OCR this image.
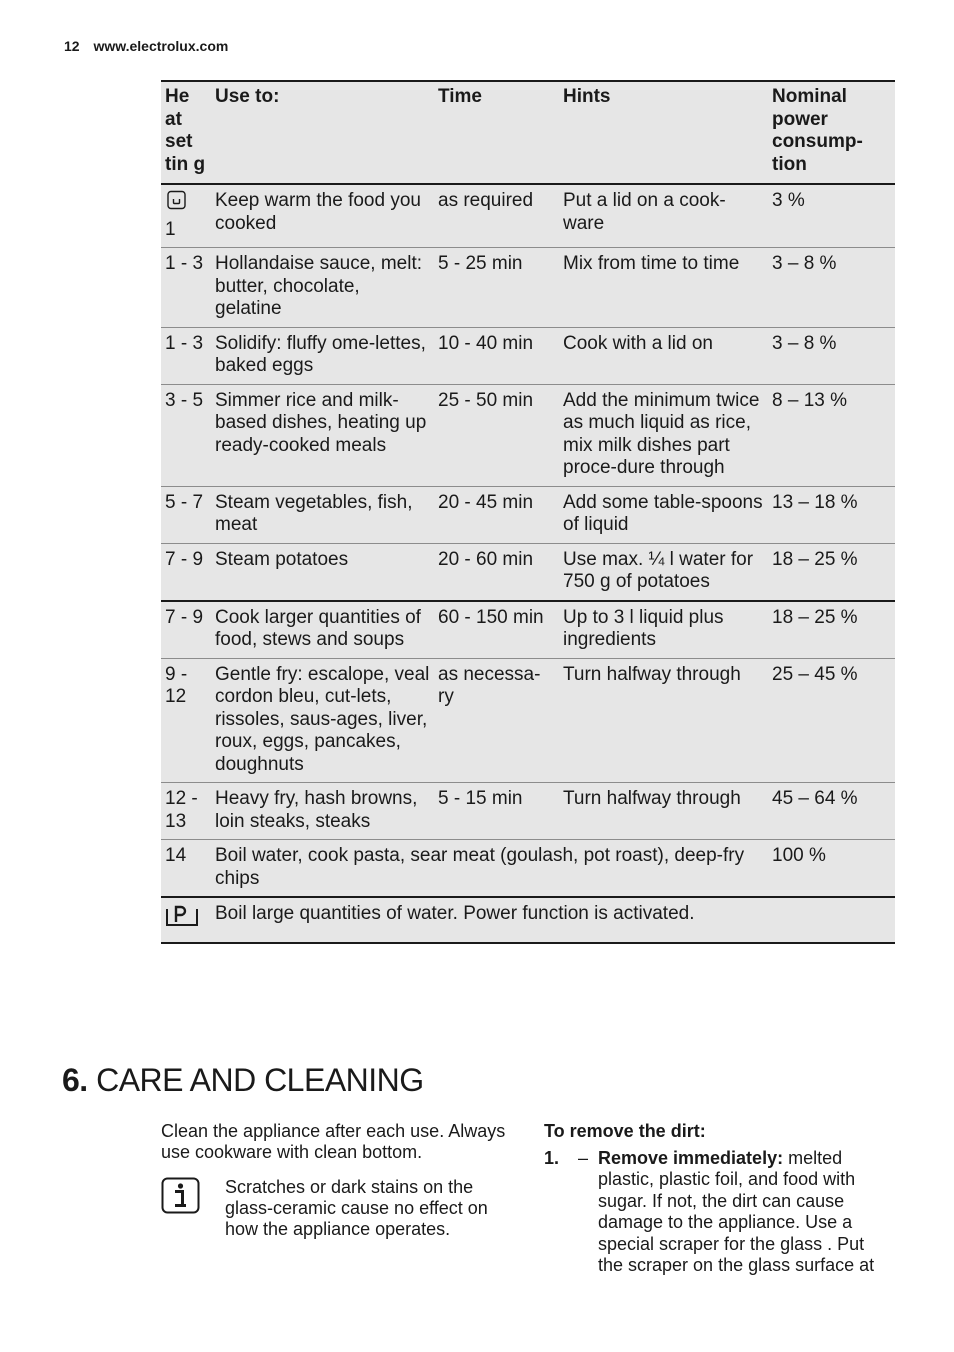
12 www.electrolux.com
He at set tin g	Use to:	Time	Hints	Nominal power consump-tion

1	Keep warm the food you cooked	as required	Put a lid on a cook-ware	3 %
1 - 3	Hollandaise sauce, melt: butter, chocolate, gelatine	5 - 25 min	Mix from time to time	3 – 8 %
1 - 3	Solidify: fluffy ome-lettes, baked eggs	10 - 40 min	Cook with a lid on	3 – 8 %
3 - 5	Simmer rice and milk-based dishes, heating up ready-cooked meals	25 - 50 min	Add the minimum twice as much liquid as rice, mix milk dishes part proce-dure through	8 – 13 %
5 - 7	Steam vegetables, fish, meat	20 - 45 min	Add some table-spoons of liquid	13 – 18 %
7 - 9	Steam potatoes	20 - 60 min	Use max. ¼ l water for 750 g of potatoes	18 – 25 %
7 - 9	Cook larger quantities of food, stews and soups	60 - 150 min	Up to 3 l liquid plus ingredients	18 – 25 %
9 - 12	Gentle fry: escalope, veal cordon bleu, cut-lets, rissoles, saus-ages, liver, roux, eggs, pancakes, doughnuts	as necessa-ry	Turn halfway through	25 – 45 %
12 - 13	Heavy fry, hash browns, loin steaks, steaks	5 - 15 min	Turn halfway through	45 – 64 %
14	Boil water, cook pasta, sear meat (goulash, pot roast), deep-fry chips			100 %
	Boil large quantities of water. Power function is activated.			
6. CARE AND CLEANING

Clean the appliance after each use. Always use cookware with clean bottom.

Scratches or dark stains on the glass-ceramic cause no effect on how the appliance operates.

To remove the dirt:

1. – Remove immediately: melted plastic, plastic foil, and food with sugar. If not, the dirt can cause damage to the appliance. Use a special scraper for the glass . Put the scraper on the glass surface at
